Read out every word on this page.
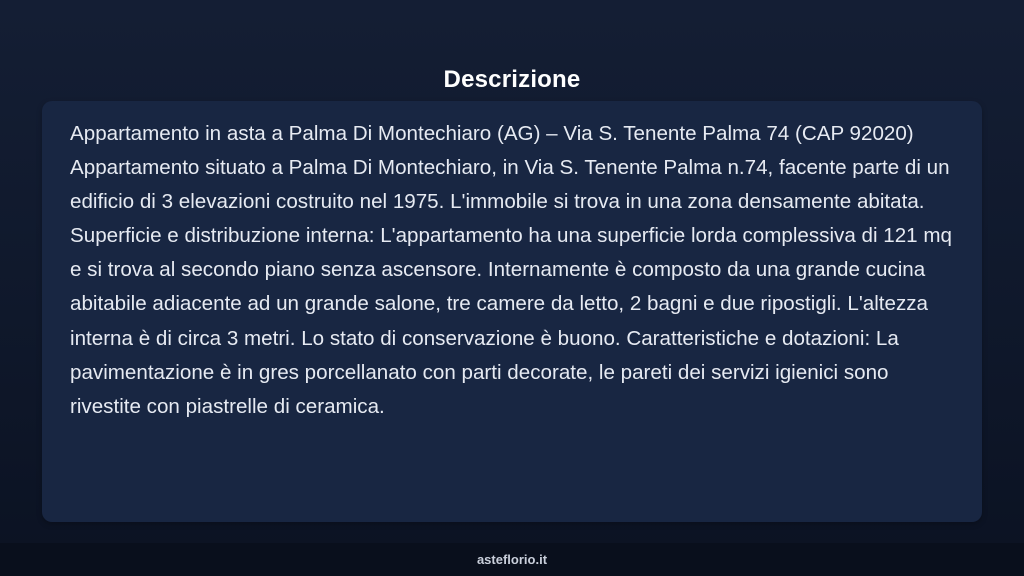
Descrizione

Appartamento in asta a Palma Di Montechiaro (AG) – Via S. Tenente Palma 74 (CAP 92020) Appartamento situato a Palma Di Montechiaro, in Via S. Tenente Palma n.74, facente parte di un edificio di 3 elevazioni costruito nel 1975. L'immobile si trova in una zona densamente abitata. Superficie e distribuzione interna: L'appartamento ha una superficie lorda complessiva di 121 mq e si trova al secondo piano senza ascensore. Internamente è composto da una grande cucina abitabile adiacente ad un grande salone, tre camere da letto, 2 bagni e due ripostigli. L'altezza interna è di circa 3 metri. Lo stato di conservazione è buono. Caratteristiche e dotazioni: La pavimentazione è in gres porcellanato con parti decorate, le pareti dei servizi igienici sono rivestite con piastrelle di ceramica.

asteflorio.it
